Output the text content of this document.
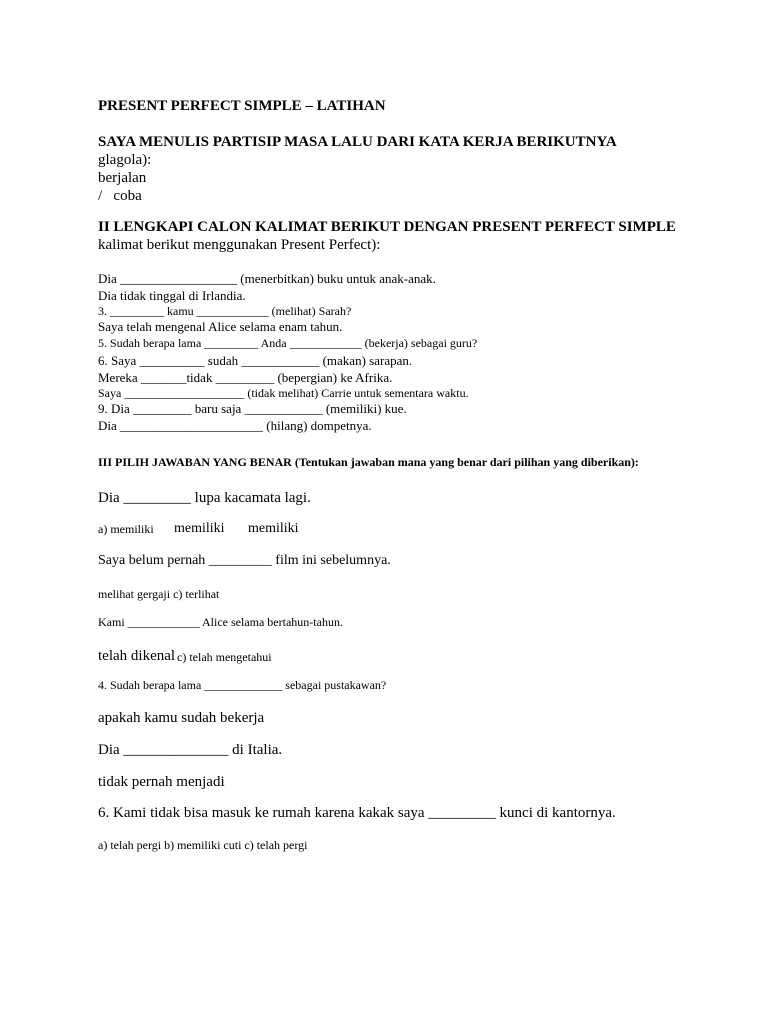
PRESENT PERFECT SIMPLE – LATIHAN
SAYA MENULIS PARTISIP MASA LALU DARI KATA KERJA BERIKUTNYA
glagola):
berjalan
/   coba
II LENGKAPI CALON KALIMAT BERIKUT DENGAN PRESENT PERFECT SIMPLE
kalimat berikut menggunakan Present Perfect):
Dia __________________ (menerbitkan) buku untuk anak-anak.
Dia tidak tinggal di Irlandia.
3. _________ kamu ____________ (melihat) Sarah?
Saya telah mengenal Alice selama enam tahun.
5. Sudah berapa lama _________ Anda ____________ (bekerja) sebagai guru?
6. Saya __________ sudah ____________ (makan) sarapan.
Mereka _______tidak _________ (bepergian) ke Afrika.
Saya ____________________ (tidak melihat) Carrie untuk sementara waktu.
9. Dia _________ baru saja ____________ (memiliki) kue.
Dia ______________________ (hilang) dompetnya.
III PILIH JAWABAN YANG BENAR (Tentukan jawaban mana yang benar dari pilihan yang diberikan):
Dia _________ lupa kacamata lagi.
a) memiliki memiliki memiliki
Saya belum pernah _________ film ini sebelumnya.
melihat gergaji c) terlihat
Kami ____________ Alice selama bertahun-tahun.
telah dikenal c) telah mengetahui
4. Sudah berapa lama _____________ sebagai pustakawan?
apakah kamu sudah bekerja
Dia ______________ di Italia.
tidak pernah menjadi
6. Kami tidak bisa masuk ke rumah karena kakak saya _________ kunci di kantornya.
a) telah pergi b) memiliki cuti c) telah pergi
